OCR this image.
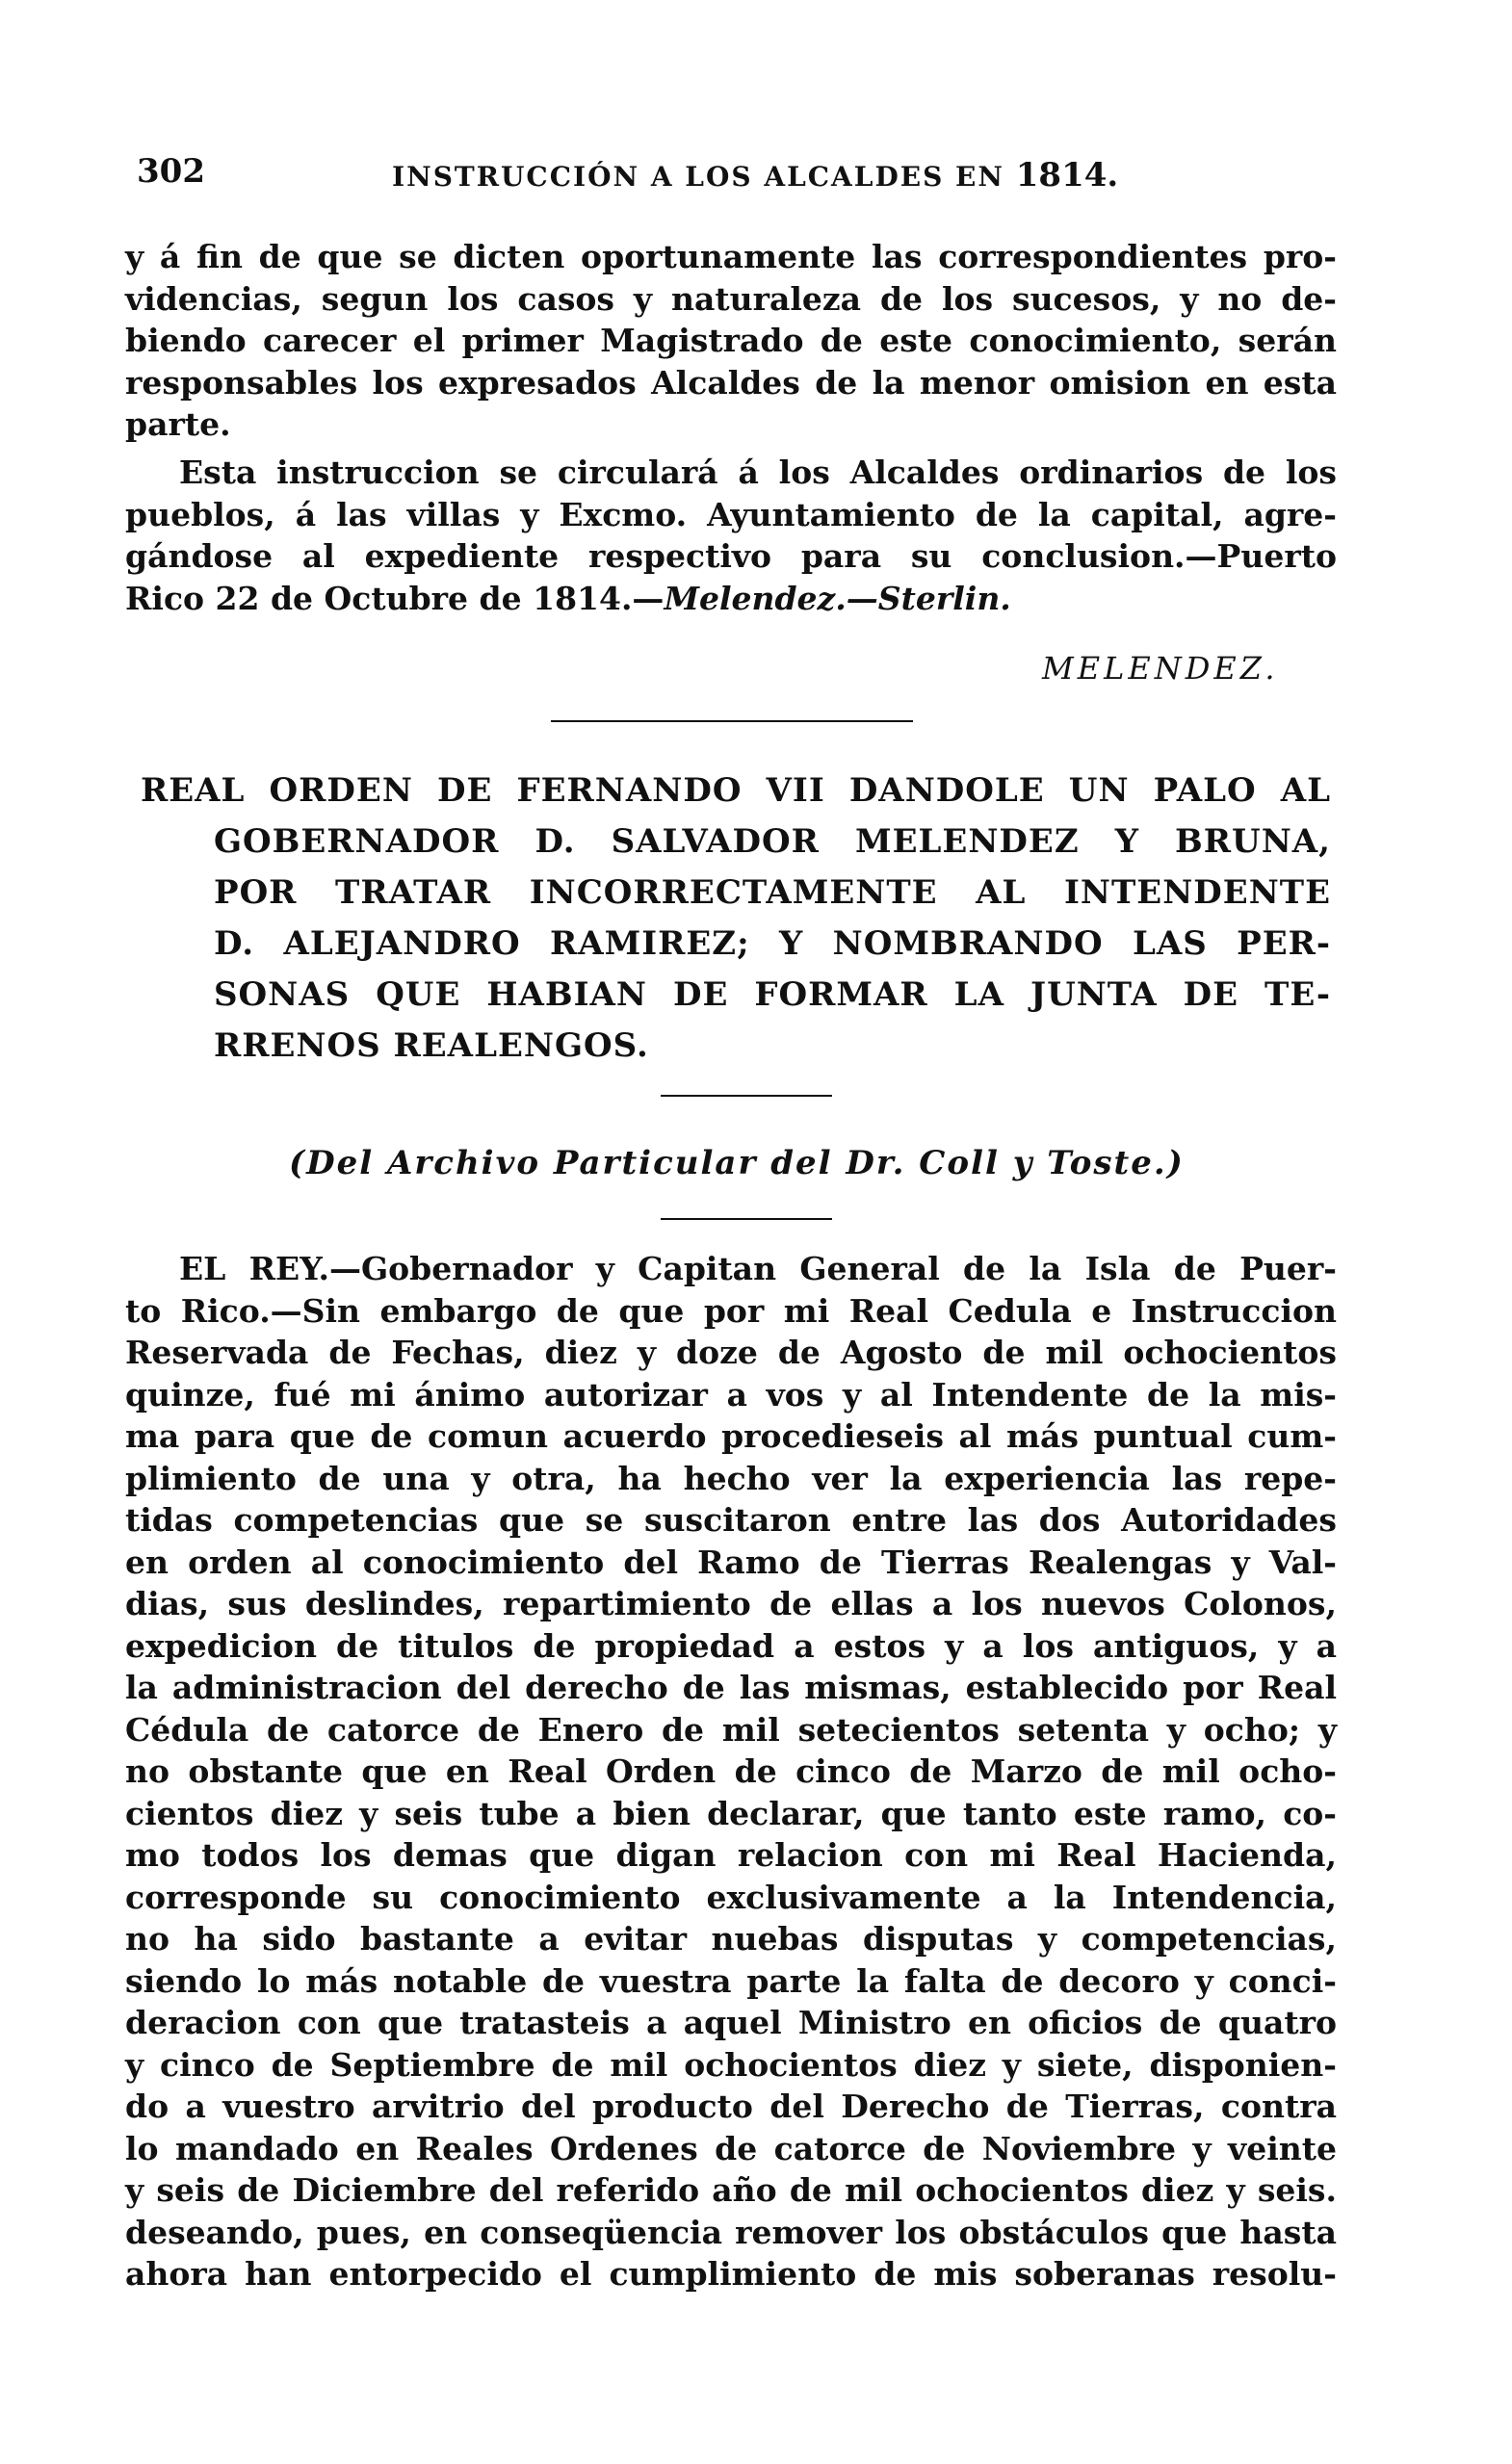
302	INSTRUCCIÓN A LOS ALCALDES EN 1814.
y á fin de que se dicten oportunamente las correspondientes pro-
videncias, segun los casos y naturaleza de los sucesos, y no de-
biendo carecer el primer Magistrado de este conocimiento, serán
responsables los expresados Alcaldes de la menor omision en esta
parte.
Esta instruccion se circulará á los Alcaldes ordinarios de los
pueblos, á las villas y Excmo. Ayuntamiento de la capital, agre-
gándose al expediente respectivo para su conclusion.—Puerto
Rico 22 de Octubre de 1814.—Melendez.—Sterlin.
MELENDEZ.
REAL ORDEN DE FERNANDO VII DANDOLE UN PALO AL
GOBERNADOR D. SALVADOR MELENDEZ Y BRUNA,
POR TRATAR INCORRECTAMENTE AL INTENDENTE
D. ALEJANDRO RAMIREZ; Y NOMBRANDO LAS PER-
SONAS QUE HABIAN DE FORMAR LA JUNTA DE TE-
RRENOS REALENGOS.
(Del Archivo Particular del Dr. Coll y Toste.)
EL REY.—Gobernador y Capitan General de la Isla de Puer-
to Rico.—Sin embargo de que por mi Real Cedula e Instruccion
Reservada de Fechas, diez y doze de Agosto de mil ochocientos
quinze, fué mi ánimo autorizar a vos y al Intendente de la mis-
ma para que de comun acuerdo procedieseis al más puntual cum-
plimiento de una y otra, ha hecho ver la experiencia las repe-
tidas competencias que se suscitaron entre las dos Autoridades
en orden al conocimiento del Ramo de Tierras Realengas y Val-
dias, sus deslindes, repartimiento de ellas a los nuevos Colonos,
expedicion de titulos de propiedad a estos y a los antiguos, y a
la administracion del derecho de las mismas, establecido por Real
Cédula de catorce de Enero de mil setecientos setenta y ocho; y
no obstante que en Real Orden de cinco de Marzo de mil ocho-
cientos diez y seis tube a bien declarar, que tanto este ramo, co-
mo todos los demas que digan relacion con mi Real Hacienda,
corresponde su conocimiento exclusivamente a la Intendencia,
no ha sido bastante a evitar nuebas disputas y competencias,
siendo lo más notable de vuestra parte la falta de decoro y conci-
deracion con que tratasteis a aquel Ministro en oficios de quatro
y cinco de Septiembre de mil ochocientos diez y siete, disponien-
do a vuestro arvitrio del producto del Derecho de Tierras, contra
lo mandado en Reales Ordenes de catorce de Noviembre y veinte
y seis de Diciembre del referido año de mil ochocientos diez y seis.
deseando, pues, en conseqüencia remover los obstáculos que hasta
ahora han entorpecido el cumplimiento de mis soberanas resolu-
